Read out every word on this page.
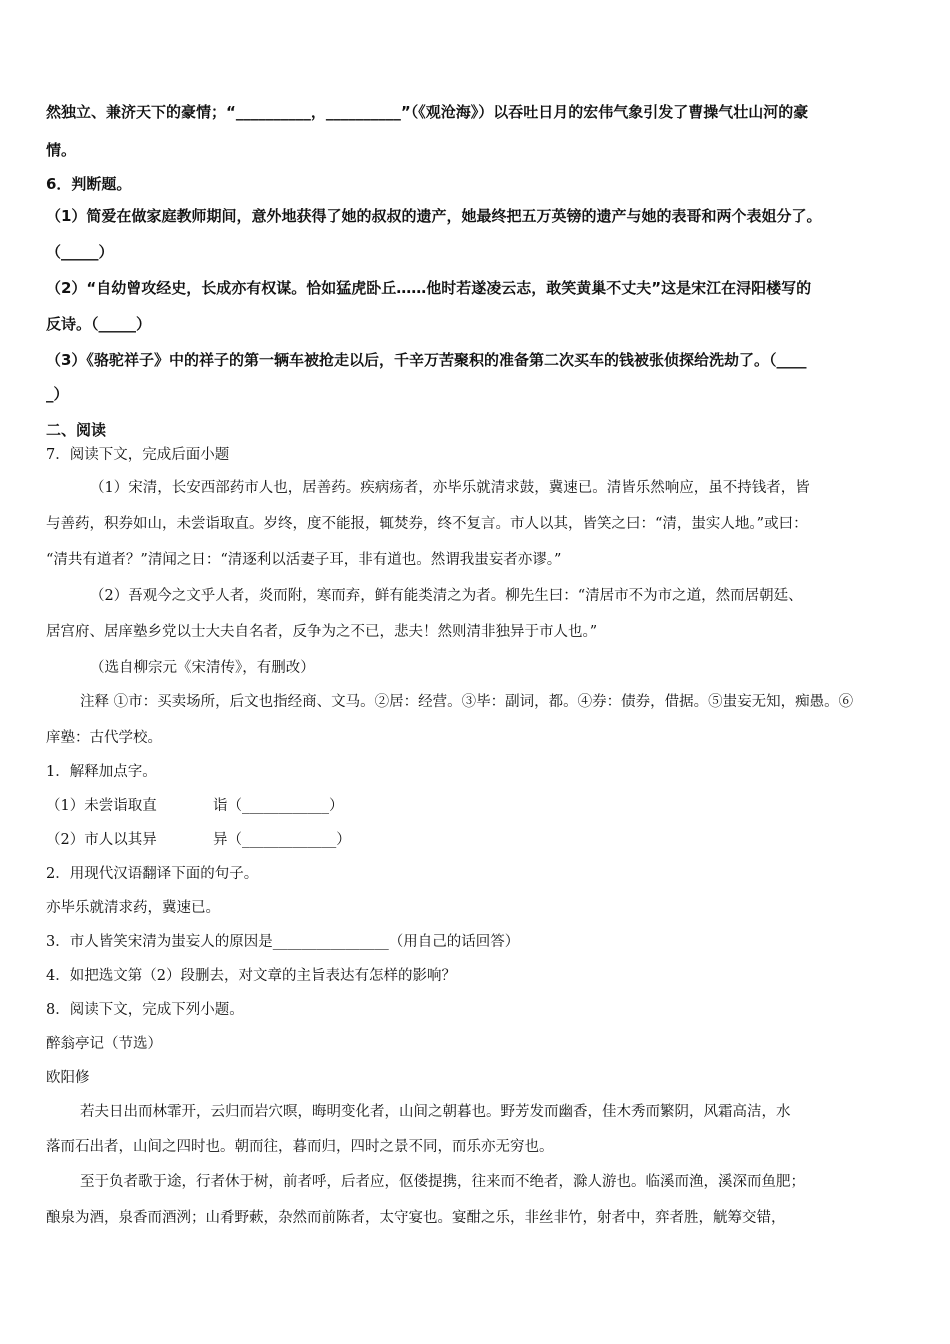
然独立、兼济天下的豪情；“__________，__________”（《观沧海》）以吞吐日月的宏伟气象引发了曹操气壮山河的豪
情。
6．判断题。
（1）简爱在做家庭教师期间，意外地获得了她的叔叔的遗产，她最终把五万英镑的遗产与她的表哥和两个表姐分了。
（_____）
（2）“自幼曾攻经史，长成亦有权谋。恰如猛虎卧丘……他时若遂凌云志，敢笑黄巢不丈夫”这是宋江在浔阳楼写的
反诗。（_____）
（3）《骆驼祥子》中的祥子的第一辆车被抢走以后，千辛万苦聚积的准备第二次买车的钱被张侦探给洗劫了。（____
_）
二、阅读
7．阅读下文，完成后面小题
（1）宋清，长安西部药市人也，居善药。疾病疡者，亦毕乐就清求鼓，冀速已。清皆乐然响应，虽不持钱者，皆
与善药，积券如山，未尝诣取直。岁终，度不能报，辄焚券，终不复言。市人以其，皆笑之曰：“清，蚩实人地。”或曰：
“清共有道者？”清闻之日：“清逐利以活妻子耳，非有道也。然谓我蚩妄者亦谬。”
（2）吾观今之文乎人者，炎而附，寒而弃，鲜有能类清之为者。柳先生曰：“清居市不为市之道，然而居朝廷、
居宫府、居庠塾乡党以士大夫自名者，反争为之不已，悲夫！然则清非独异于市人也。”
（选自柳宗元《宋清传》，有删改）
注释 ①市：买卖场所，后文也指经商、文马。②居：经营。③毕：副词，都。④券：债券，借据。⑤蚩妄无知，痴愚。⑥
庠塾：古代学校。
1．解释加点字。
（1）未尝诣取直	诣（____________）
（2）市人以其异	异（_____________）
2．用现代汉语翻译下面的句子。
亦毕乐就清求药，冀速已。
3．市人皆笑宋清为蚩妄人的原因是________________（用自己的话回答）
4．如把选文第（2）段删去，对文章的主旨表达有怎样的影响？
8．阅读下文，完成下列小题。
醉翁亭记（节选）
欧阳修
若夫日出而林霏开，云归而岩穴暝，晦明变化者，山间之朝暮也。野芳发而幽香，佳木秀而繁阴，风霜高洁，水
落而石出者，山间之四时也。朝而往，暮而归，四时之景不同，而乐亦无穷也。
至于负者歌于途，行者休于树，前者呼，后者应，伛偻提携，往来而不绝者，滁人游也。临溪而渔，溪深而鱼肥；
酿泉为酒，泉香而酒洌；山肴野蔌，杂然而前陈者，太守宴也。宴酣之乐，非丝非竹，射者中，弈者胜，觥筹交错，
